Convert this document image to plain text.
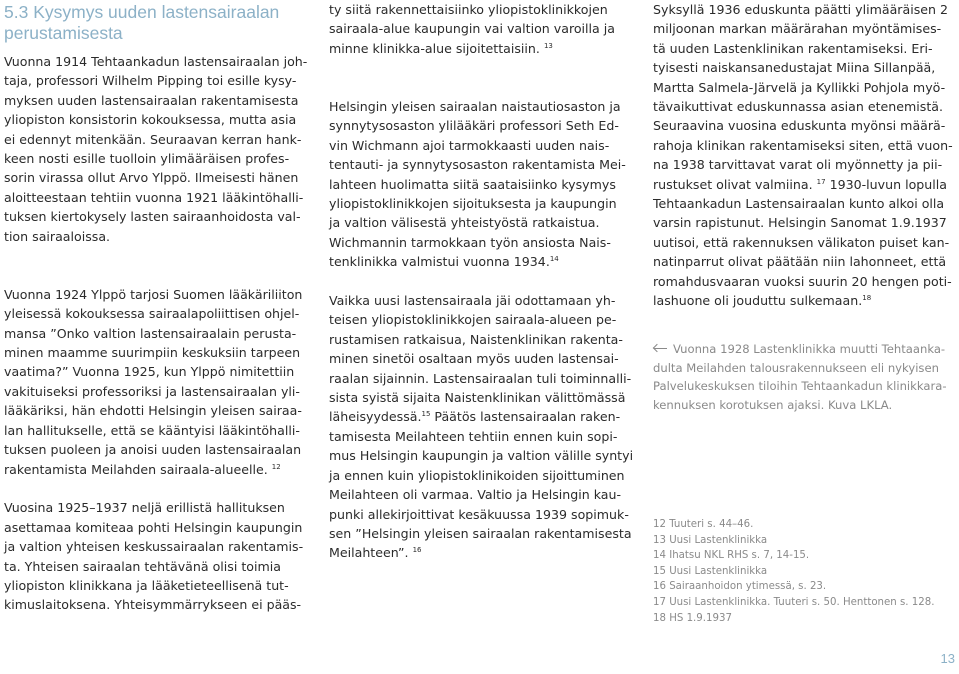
5.3 Kysymys uuden lastensairaalan

perustamisesta

Vuonna 1914 Tehtaankadun lastensairaalan joh-

taja, professori Wilhelm Pipping toi esille kysy-

myksen uuden lastensairaalan rakentamisesta

yliopiston konsistorin kokouksessa, mutta asia

ei edennyt mitenkään. Seuraavan kerran hank-

keen nosti esille tuolloin ylimääräisen profes-

sorin virassa ollut Arvo Ylppö. Ilmeisesti hänen

aloitteestaan tehtiin vuonna 1921 lääkintöhalli-

tuksen kiertokysely lasten sairaanhoidosta val-

tion sairaaloissa.

Vuonna 1924 Ylppö tarjosi Suomen lääkäriliiton

yleisessä kokouksessa sairaalapoliittisen ohjel-

mansa ”Onko valtion lastensairaalain perusta-

minen maamme suurimpiin keskuksiin tarpeen

vaatima?” Vuonna 1925, kun Ylppö nimitettiin

vakituiseksi professoriksi ja lastensairaalan yli-

lääkäriksi, hän ehdotti Helsingin yleisen sairaa-

lan hallitukselle, että se kääntyisi lääkintöhalli-

tuksen puoleen ja anoisi uuden lastensairaalan

rakentamista Meilahden sairaala-alueelle. $^{12}$

Vuosina 1925–1937 neljä erillistä hallituksen

asettamaa komiteaa pohti Helsingin kaupungin

ja valtion yhteisen keskussairaalan rakentamis-

ta. Yhteisen sairaalan tehtävänä olisi toimia

yliopiston klinikkana ja lääketieteellisenä tut-

kimuslaitoksena. Yhteisymmärrykseen ei pääs-

ty siitä rakennettaisiinko yliopistoklinikkojen

sairaala-alue kaupungin vai valtion varoilla ja

minne klinikka-alue sijoitettaisiin. $^{13}$

Helsingin yleisen sairaalan naistautiosaston ja

synnytysosaston ylilääkäri professori Seth Ed-

vin Wichmann ajoi tarmokkaasti uuden nais-

tentauti- ja synnytysosaston rakentamista Mei-

lahteen huolimatta siitä saataisiinko kysymys

yliopistoklinikkojen sijoituksesta ja kaupungin

ja valtion välisestä yhteistyöstä ratkaistua.

Wichmannin tarmokkaan työn ansiosta Nais-

tenklinikka valmistui vuonna 1934.14

Vaikka uusi lastensairaala jäi odottamaan yh-

teisen yliopistoklinikkojen sairaala-alueen pe-

rustamisen ratkaisua, Naistenklinikan rakenta-

minen sinetöi osaltaan myös uuden lastensai-

raalan sijainnin. Lastensairaalan tuli toiminnalli-

sista syistä sijaita Naistenklinikan välittömässä

läheisyydessä.$^{15}$ Päätös lastensairaalan raken-

tamisesta Meilahteen tehtiin ennen kuin sopi-

mus Helsingin kaupungin ja valtion välille syntyi

ja ennen kuin yliopistoklinikoiden sijoittuminen

Meilahteen oli varmaa. Valtio ja Helsingin kau-

punki allekirjoittivat kesäkuussa 1939 sopimuk-

sen ”Helsingin yleisen sairaalan rakentamisesta

Meilahteen”. $^{16}$

Syksyllä 1936 eduskunta päätti ylimääräisen 2

miljoonan markan määrärahan myöntämises-

tä uuden Lastenklinikan rakentamiseksi. Eri-

tyisesti naiskansanedustajat Miina Sillanpää,

Martta Salmela-Järvelä ja Kyllikki Pohjola myö-

tävaikuttivat eduskunnassa asian etenemistä.

Seuraavina vuosina eduskunta myönsi määrä-

rahoja klinikan rakentamiseksi siten, että vuon-

na 1938 tarvittavat varat oli myönnetty ja pii-

rustukset olivat valmiina. $^{17}$ 1930-luvun lopulla

Tehtaankadun Lastensairaalan kunto alkoi olla

varsin rapistunut. Helsingin Sanomat 1.9.1937

uutisoi, että rakennuksen välikaton puiset kan-

natinparrut olivat päätään niin lahonneet, että

romahdusvaaran vuoksi suurin 20 hengen poti-

lashuone oli jouduttu sulkemaan.$^{18}$

Vuonna 1928 Lastenklinikka muutti Tehtaanka-

dulta Meilahden talousrakennukseen eli nykyisen

Palvelukeskuksen tiloihin Tehtaankadun klinikkara-

kennuksen korotuksen ajaksi. Kuva LKLA.

12 Tuuteri s. 44–46.

13 Uusi Lastenklinikka

14 Ihatsu NKL RHS s. 7, 14-15.

15 Uusi Lastenklinikka

16 Sairaanhoidon ytimessä, s. 23.

17 Uusi Lastenklinikka. Tuuteri s. 50. Henttonen s. 128.

18 HS 1.9.1937

13
